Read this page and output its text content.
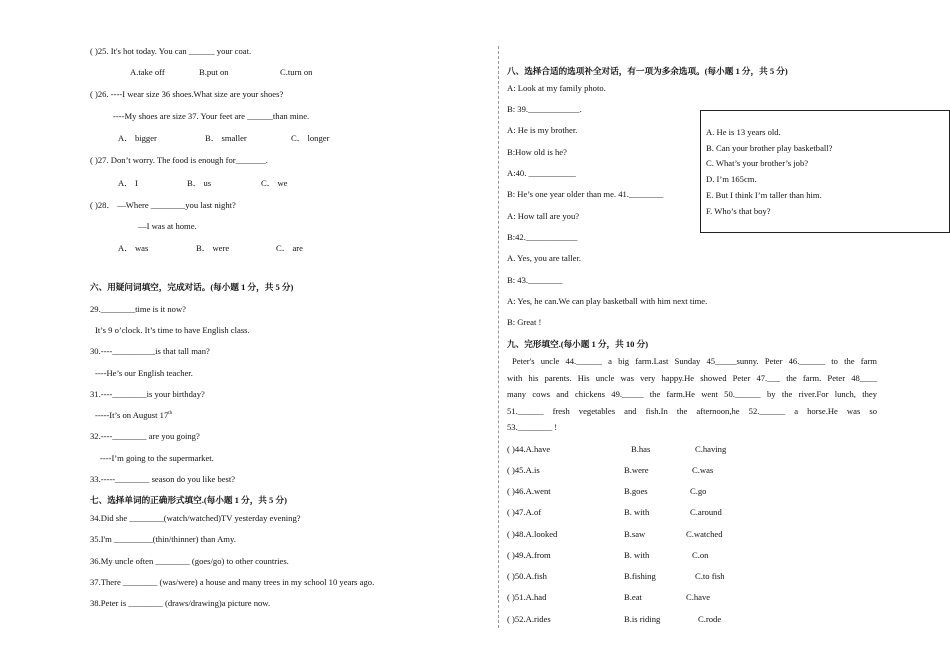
( )25. It's hot today. You can ______ your coat.
A.take off	B.put on	C.turn on
( )26. ----I wear size 36 shoes.What size are your shoes?
----My shoes are size 37. Your feet are ______than mine.
A． bigger	B． smaller	C． longer
( )27. Don’t worry. The food is enough for_______.
A． I	B． us	C． we
( )28． —Where ________you last night?
—I was at home.
A． was	B． were	C． are
六、用疑问词填空，完成对话。(每小题 1 分，共 5 分)
29.________time is it now?
It’s 9 o’clock. It’s time to have English class.
30.----__________is that tall man?
----He’s our English teacher.
31.----________is your birthday?
-----It’s on August 17th
32.----________ are you going?
----I’m going to the supermarket.
33.-----________ season do you like best?
七、选择单词的正确形式填空.(每小题 1 分，共 5 分)
34.Did she ________(watch/watched)TV yesterday evening?
35.I'm _________(thin/thinner) than Amy.
36.My uncle often ________ (goes/go) to other countries.
37.There ________ (was/were) a house and many trees in my school 10 years ago.
38.Peter is ________ (draws/drawing)a picture now.
八、选择合适的选项补全对话，有一项为多余选项。(每小题 1 分，共 5 分)
A: Look at my family photo.
B: 39.____________.
A: He is my brother.
B:How old is he?
A:40. ___________
B: He’s one year older than me. 41.________
A: How tall are you?
B:42.____________
A. Yes, you are taller.
B: 43.________
A: Yes, he can.We can play basketball with him next time.
B: Great !
A. He is 13 years old.
B. Can your brother play basketball?
C. What’s your brother’s job?
D. I’m 165cm.
E. But I think I’m taller than him.
F. Who’s that boy?
九、完形填空.(每小题 1 分，共 10 分)
Peter's uncle 44.______ a big farm.Last Sunday 45_____sunny. Peter 46.______ to the farm
with his parents. His uncle was very happy.He showed Peter 47.___ the farm. Peter 48____
many cows and chickens 49._____ the farm.He went 50.______ by the river.For lunch, they
51.______ fresh vegetables and fish.In the afternoon,he 52.______ a horse.He was so
53.________ !
( )44.A.have	B.has	C.having
( )45.A.is	B.were	C.was
( )46.A.went	B.goes	C.go
( )47.A.of	B. with	C.around
( )48.A.looked	B.saw	C.watched
( )49.A.from	B. with	C.on
( )50.A.fish	B.fishing	C.to fish
( )51.A.had	B.eat	C.have
( )52.A.rides	B.is riding	C.rode
